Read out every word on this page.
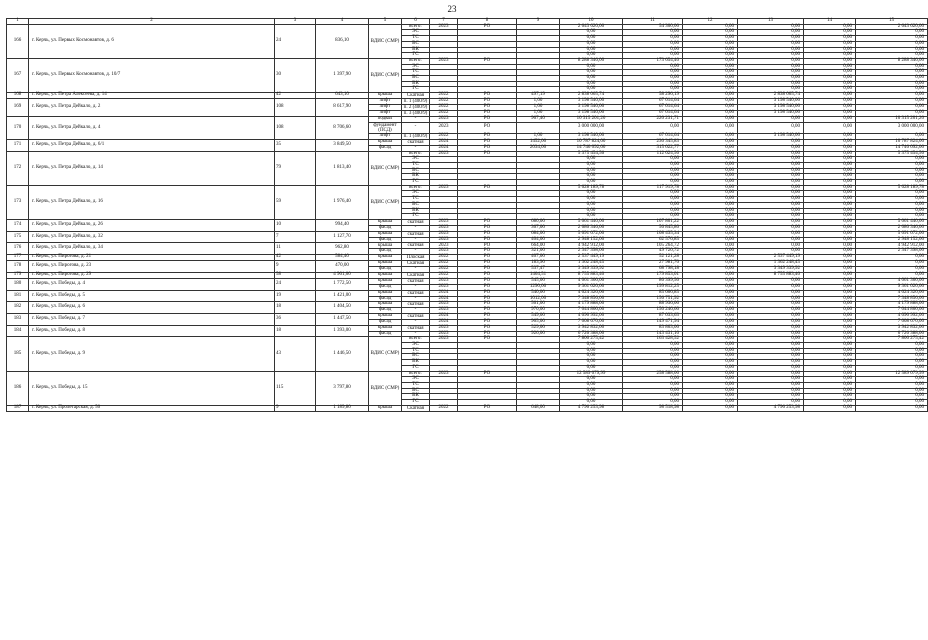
23
1	2	3	4	5	6	7	8	9	10	11	12	13	14	15
166	г. Керчь, ул. Первых Космонавтов, д. 6	24	836,10	ВДИС (СМР)	всего:	2023	РО		2 643 620,00	54 300,00	0,00	0,00	0,00	2 643 620,00
					ЭС				0,00	0,00	0,00	0,00	0,00	0,00
					ТС				0,00	0,00	0,00	0,00	0,00	0,00
					ВС				0,00	0,00	0,00	0,00	0,00	0,00
					ВК				0,00	0,00	0,00	0,00	0,00	0,00
					ГС				0,00	0,00	0,00	0,00	0,00	0,00
167	г. Керчь, ул. Первых Космонавтов, д. 10/7	30	1 397,90	ВДИС (СМР)	всего:	2023	РО		8 288 346,00	173 654,40	0,00	0,00	0,00	8 288 346,00
					ЭС				0,00	0,00	0,00	0,00	0,00	0,00
					ТС				0,00	0,00	0,00	0,00	0,00	0,00
					ВС				0,00	0,00	0,00	0,00	0,00	0,00
					ВК				0,00	0,00	0,00	0,00	0,00	0,00
					ГС				0,00	0,00	0,00	0,00	0,00	0,00
168	г. Керчь, ул. Петра Алексеева, д. 14	42	643,10	крыша	Скатная	2022	РО	497,19	2 838 065,74	58 296,19	0,00	2 838 065,74	0,00	0,00
169	г. Керчь, ул. Петра Дейкало, д. 2	108	8 617,90	лифт	п. 1 (400/9)	2022	РО	1,00	3 198 540,00	67 014,64	0,00	3 198 540,00	0,00	0,00
				лифт	п. 2 (400/9)	2022	РО	1,00	3 198 540,00	67 014,64	0,00	3 198 540,00	0,00	0,00
				лифт	п. 3 (400/9)	2022	РО	1,00	3 198 540,00	67 014,64	0,00	3 198 540,00	0,00	0,00
170	г. Керчь, ул. Петра Дейкало, д. 4	108	8 706,60	подвал	-	2023	РО	967,40	10 315 201,20	220 231,71	0,00	0,00	0,00	10 315 201,20
				фундамент (ПСД)	-	2023	РО		3 000 000,00	0,00	0,00	0,00	0,00	3 000 000,00
				лифт	п. 1 (400/9)	2022	РО	1,00	3 198 540,00	67 014,64	0,00	3 198 540,00	0,00	0,00
171	г. Керчь, ул. Петра Дейкало, д. 6/1	35	3 849,50	крыша	скатная	2024	РО	1452,00	10 787 824,00	230 345,83	0,00	0,00	0,00	10 787 824,00
				фасад	-	2024	РО	2034,00	14 746 092,00	315 022,77	0,00	0,00	0,00	14 746 092,00
172	г. Керчь, ул. Петра Дейкало, д. 14	79	1 813,40	ВДИС (СМР)	всего:	2023	РО		5 375 454,56	112 624,56	0,00	0,00	0,00	5 375 454,56
					ЭС				0,00	0,00	0,00	0,00	0,00	0,00
					ТС				0,00	0,00	0,00	0,00	0,00	0,00
					ВС				0,00	0,00	0,00	0,00	0,00	0,00
					ВК				0,00	0,00	0,00	0,00	0,00	0,00
					ГС				0,00	0,00	0,00	0,00	0,00	0,00
173	г. Керчь, ул. Петра Дейкало, д. 16	59	1 976,40	ВДИС (СМР)	всего:	2023	РО		5 628 189,78	117 919,78	0,00	0,00	0,00	5 628 189,78
					ЭС				0,00	0,00	0,00	0,00	0,00	0,00
					ТС				0,00	0,00	0,00	0,00	0,00	0,00
					ВС				0,00	0,00	0,00	0,00	0,00	0,00
					ВК				0,00	0,00	0,00	0,00	0,00	0,00
					ГС				0,00	0,00	0,00	0,00	0,00	0,00
174	г. Керчь, ул. Петра Дейкало, д. 26	10	994,40	крыша	скатная	2023	РО	680,00	5 061 440,00	107 801,22	0,00	0,00	0,00	5 061 440,00
				фасад	-	2023	РО	367,00	2 680 346,00	56 845,80	0,00	0,00	0,00	2 680 346,00
175	г. Керчь, ул. Петра Дейкало, д. 32	7	1 127,70	крыша	скатная	2023	РО	684,00	5 091 072,00	108 435,34	0,00	0,00	0,00	5 091 072,00
				фасад	-	2023	РО	404,00	2 948 152,00	62 576,85	0,00	0,00	0,00	2 948 152,00
176	г. Керчь, ул. Петра Дейкало, д. 34	11	962,80	крыша	скатная	2023	РО	664,00	4 942 912,00	105 264,72	0,00	0,00	0,00	4 942 912,00
				фасад	-	2023	РО	321,00	2 347 398,00	49 720,72	0,00	0,00	0,00	2 347 398,00
177	г. Керчь, ул. Пирогова, д. 21	42	584,40	крыша	Плоская	2022	РО	407,00	2 537 449,19	52 121,28	0,00	2 537 449,19	0,00	0,00
178	г. Керчь, ул. Пирогова, д. 23	9	470,00	крыша	Скатная	2022	РО	183,90	1 362 248,45	27 981,70	0,00	1 362 248,45	0,00	0,00
				фасад	-	2022	РО	537,47	3 349 339,92	68 798,18	0,00	3 349 339,92	0,00	0,00
179	г. Керчь, ул. Пирогова, д. 29	58	4 901,00	крыша	Скатная	2022	РО	1464,51	8 755 883,40	179 853,01	0,00	8 755 883,40	0,00	0,00
180	г. Керчь, ул. Победы, д. 4	24	1 772,50	крыша	скатная	2023	РО	545,00	4 061 360,00	86 399,50	0,00	0,00	0,00	4 061 360,00
				фасад	-	2023	РО	1290,00	9 361 020,00	199 812,25	0,00	0,00	0,00	9 361 020,00
181	г. Керчь, ул. Победы, д. 5	19	1 421,00	крыша	скатная	2024	РО	540,00	4 024 320,00	85 606,85	0,00	0,00	0,00	4 024 320,00
				фасад	-	2024	РО	1012,00	7 348 856,00	156 751,92	0,00	0,00	0,00	7 348 856,00
182	г. Керчь, ул. Победы, д. 6	18	1 404,50	крыша	скатная	2023	РО	561,00	4 179 888,00	88 936,00	0,00	0,00	0,00	4 179 888,00
				фасад	-	2023	РО	970,00	7 044 860,00	150 246,60	0,00	0,00	0,00	7 044 860,00
183	г. Керчь, ул. Победы, д. 7	36	1 447,50	крыша	скатная	2024	РО	549,00	4 090 992,00	87 033,63	0,00	0,00	0,00	4 090 992,00
				фасад	-	2024	РО	965,00	7 008 670,00	149 471,94	0,00	0,00	0,00	7 008 670,00
184	г. Керчь, ул. Победы, д. 8	18	1 393,00	крыша	скатная	2023	РО	529,00	3 942 832,00	83 863,00	0,00	0,00	0,00	3 942 832,00
				фасад	-	2023	РО	926,00	6 726 388,00	143 431,10	0,00	0,00	0,00	6 726 388,00
185	г. Керчь, ул. Победы, д. 9	43	1 446,50	ВДИС (СМР)	всего:	2023	РО		7 800 275,42	163 428,52	0,00	0,00	0,00	7 800 275,42
					ЭС				0,00	0,00	0,00	0,00	0,00	0,00
					ТС				0,00	0,00	0,00	0,00	0,00	0,00
					ВС				0,00	0,00	0,00	0,00	0,00	0,00
					ВК				0,00	0,00	0,00	0,00	0,00	0,00
					ГС				0,00	0,00	0,00	0,00	0,00	0,00
186	г. Керчь, ул. Победы, д. 15	115	3 797,80	ВДИС (СМР)	всего:	2023	РО		12 589 079,99	258 588,00	0,00	0,00	0,00	12 589 079,99
					ЭС				0,00	0,00	0,00	0,00	0,00	0,00
					ТС				0,00	0,00	0,00	0,00	0,00	0,00
					ВС				0,00	0,00	0,00	0,00	0,00	0,00
					ВК				0,00	0,00	0,00	0,00	0,00	0,00
					ГС				0,00	0,00	0,00	0,00	0,00	0,00
187	г. Керчь, ул. Пролетарская, д. 50	9	1 189,80	крыша	Скатная	2022	РО	648,00	4 796 253,98	98 518,98	0,00	4 796 253,98	0,00	0,00
